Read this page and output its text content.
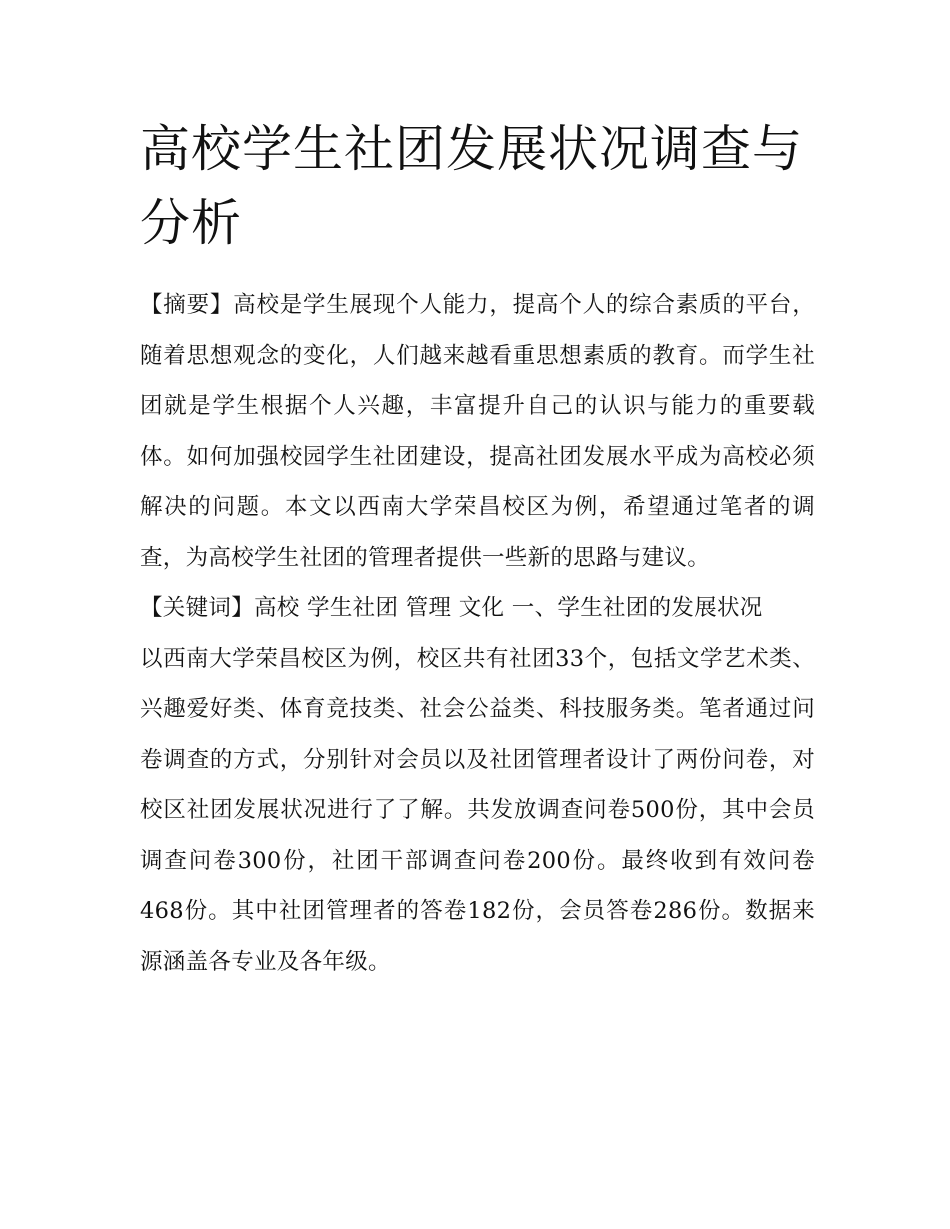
高校学生社团发展状况调查与分析

【摘要】高校是学生展现个人能力，提高个人的综合素质的平台，随着思想观念的变化，人们越来越看重思想素质的教育。而学生社团就是学生根据个人兴趣，丰富提升自己的认识与能力的重要载体。如何加强校园学生社团建设，提高社团发展水平成为高校必须解决的问题。本文以西南大学荣昌校区为例，希望通过笔者的调查，为高校学生社团的管理者提供一些新的思路与建议。

【关键词】高校 学生社团 管理 文化 一、学生社团的发展状况

以西南大学荣昌校区为例，校区共有社团33个，包括文学艺术类、兴趣爱好类、体育竞技类、社会公益类、科技服务类。笔者通过问卷调查的方式，分别针对会员以及社团管理者设计了两份问卷，对校区社团发展状况进行了了解。共发放调查问卷500份，其中会员调查问卷300份，社团干部调查问卷200份。最终收到有效问卷468份。其中社团管理者的答卷182份，会员答卷286份。数据来源涵盖各专业及各年级。
